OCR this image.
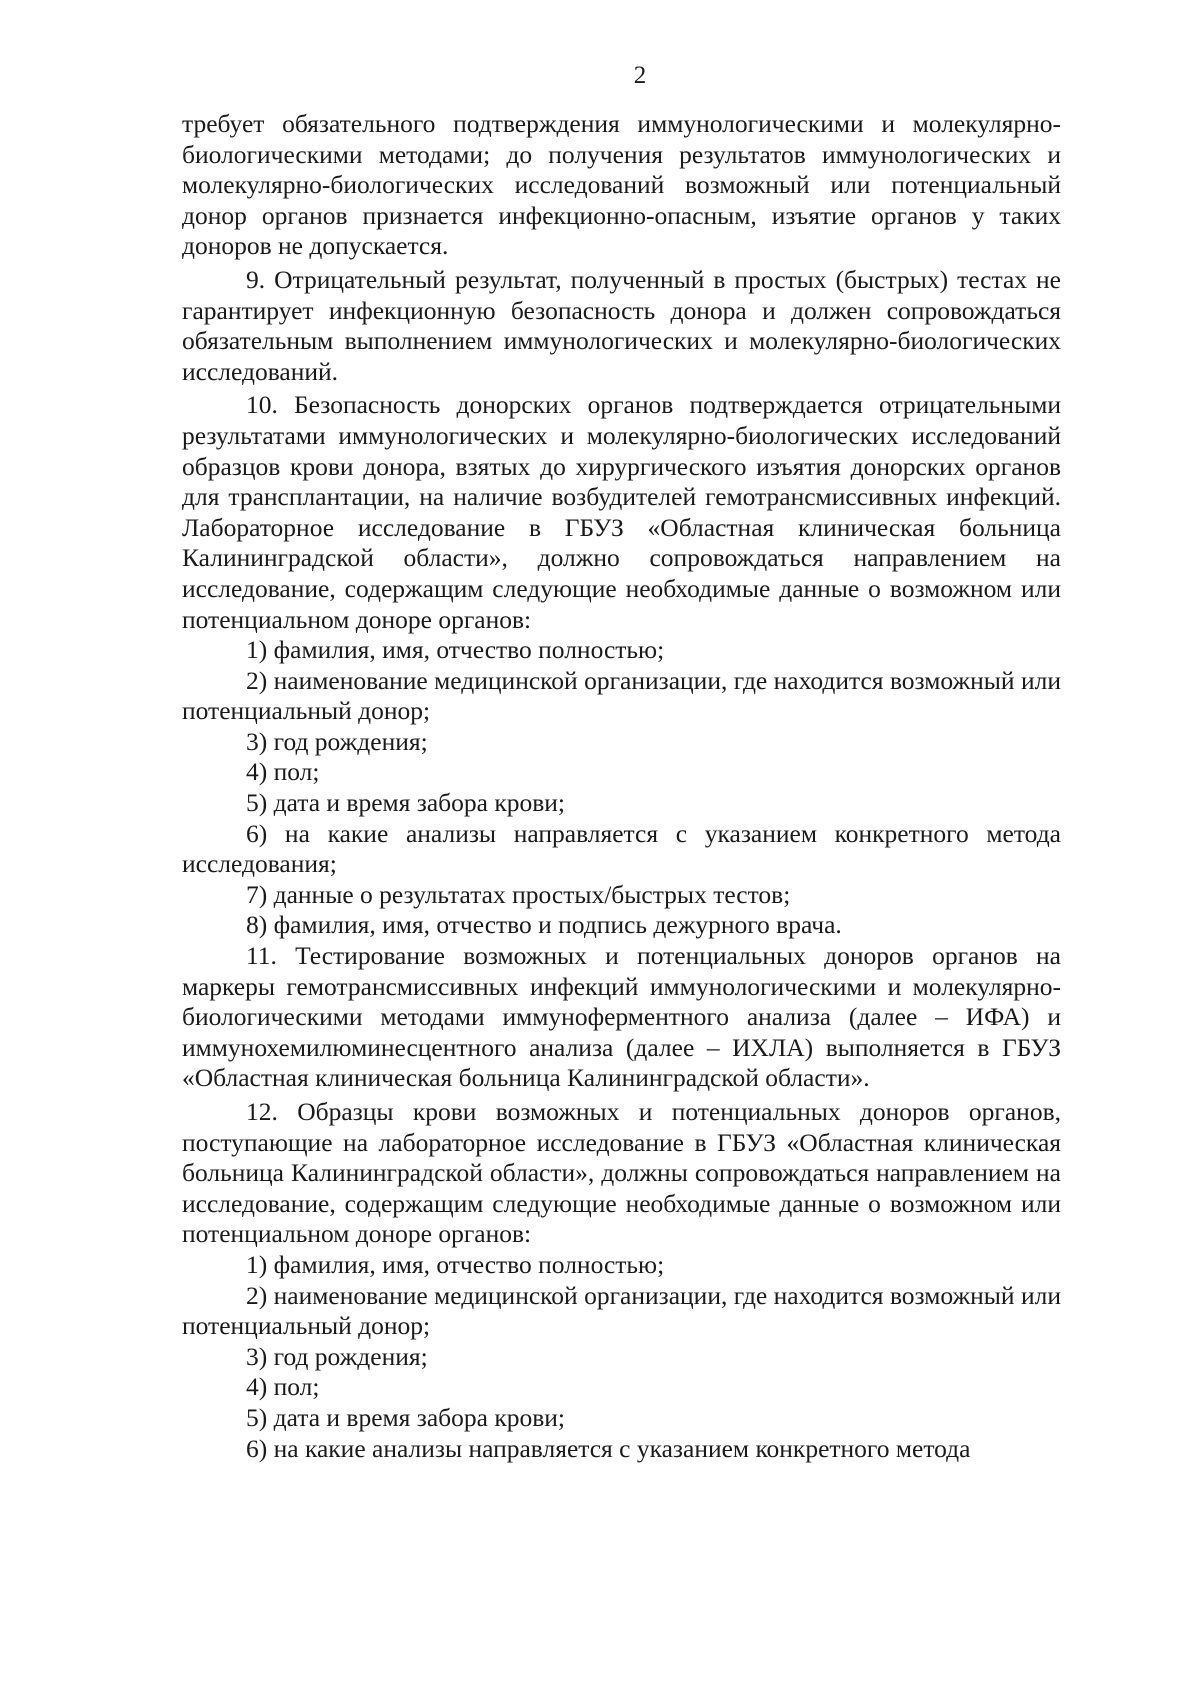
2

требует обязательного подтверждения иммунологическими и молекулярно-биологическими методами; до получения результатов иммунологических и молекулярно-биологических исследований возможный или потенциальный донор органов признается инфекционно-опасным, изъятие органов у таких доноров не допускается.

9. Отрицательный результат, полученный в простых (быстрых) тестах не гарантирует инфекционную безопасность донора и должен сопровождаться обязательным выполнением иммунологических и молекулярно-биологических исследований.

10. Безопасность донорских органов подтверждается отрицательными результатами иммунологических и молекулярно-биологических исследований образцов крови донора, взятых до хирургического изъятия донорских органов для трансплантации, на наличие возбудителей гемотрансмиссивных инфекций. Лабораторное исследование в ГБУЗ «Областная клиническая больница Калининградской области», должно сопровождаться направлением на исследование, содержащим следующие необходимые данные о возможном или потенциальном доноре органов:

1) фамилия, имя, отчество полностью;

2) наименование медицинской организации, где находится возможный или потенциальный донор;

3) год рождения;

4) пол;

5) дата и время забора крови;

6) на какие анализы направляется с указанием конкретного метода исследования;

7) данные о результатах простых/быстрых тестов;

8) фамилия, имя, отчество и подпись дежурного врача.

11. Тестирование возможных и потенциальных доноров органов на маркеры гемотрансмиссивных инфекций иммунологическими и молекулярно-биологическими методами иммуноферментного анализа (далее – ИФА) и иммунохемилюминесцентного анализа (далее – ИХЛА) выполняется в ГБУЗ «Областная клиническая больница Калининградской области».

12. Образцы крови возможных и потенциальных доноров органов, поступающие на лабораторное исследование в ГБУЗ «Областная клиническая больница Калининградской области», должны сопровождаться направлением на исследование, содержащим следующие необходимые данные о возможном или потенциальном доноре органов:

1) фамилия, имя, отчество полностью;

2) наименование медицинской организации, где находится возможный или потенциальный донор;

3) год рождения;

4) пол;

5) дата и время забора крови;

6) на какие анализы направляется с указанием конкретного метода
